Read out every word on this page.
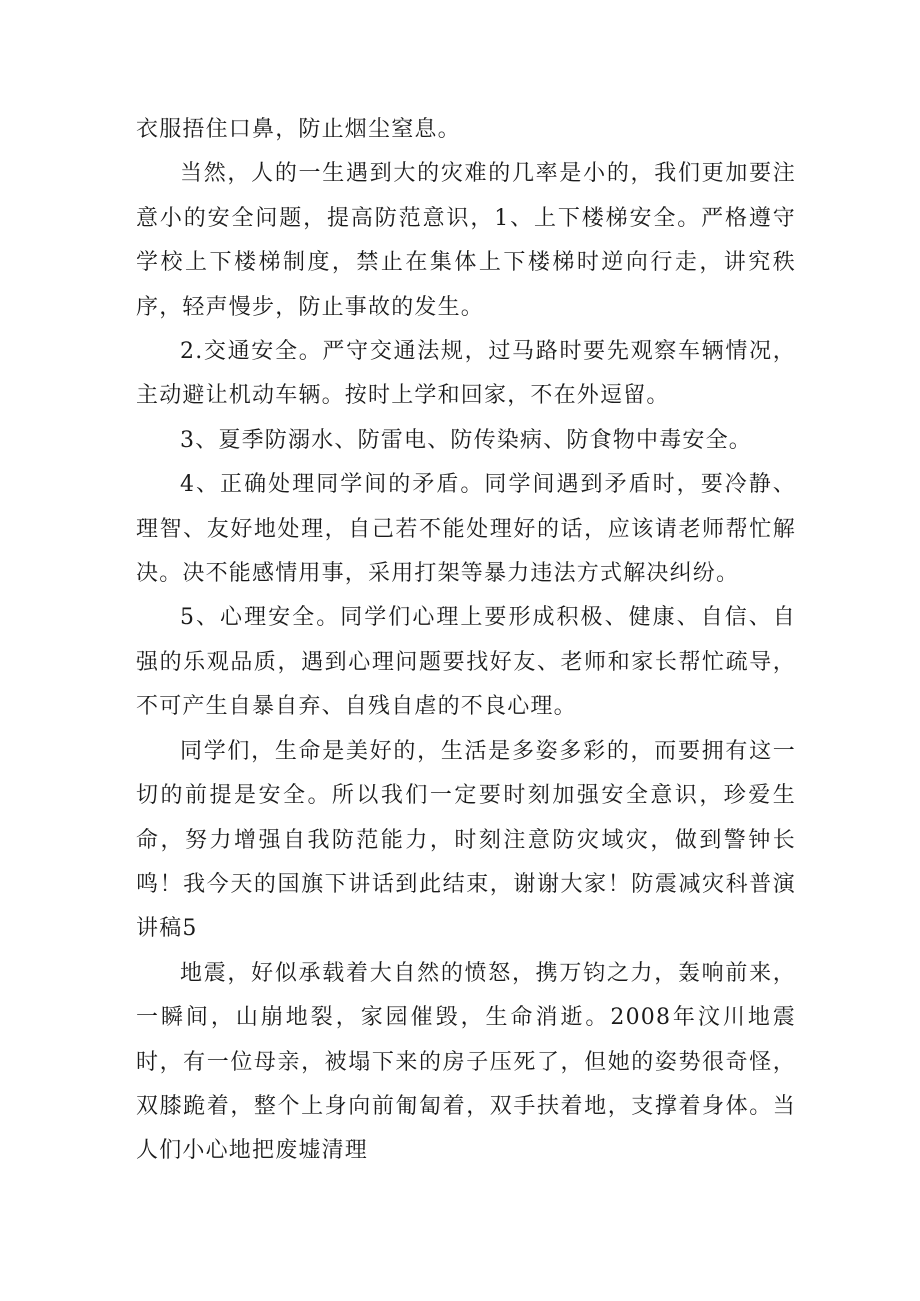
衣服捂住口鼻，防止烟尘窒息。

当然，人的一生遇到大的灾难的几率是小的，我们更加要注意小的安全问题，提高防范意识，1、上下楼梯安全。严格遵守学校上下楼梯制度，禁止在集体上下楼梯时逆向行走，讲究秩序，轻声慢步，防止事故的发生。

2.交通安全。严守交通法规，过马路时要先观察车辆情况，主动避让机动车辆。按时上学和回家，不在外逗留。

3、夏季防溺水、防雷电、防传染病、防食物中毒安全。

4、正确处理同学间的矛盾。同学间遇到矛盾时，要冷静、理智、友好地处理，自己若不能处理好的话，应该请老师帮忙解决。决不能感情用事，采用打架等暴力违法方式解决纠纷。

5、心理安全。同学们心理上要形成积极、健康、自信、自强的乐观品质，遇到心理问题要找好友、老师和家长帮忙疏导，不可产生自暴自弃、自残自虐的不良心理。

同学们，生命是美好的，生活是多姿多彩的，而要拥有这一切的前提是安全。所以我们一定要时刻加强安全意识，珍爱生命，努力增强自我防范能力，时刻注意防灾域灾，做到警钟长鸣！我今天的国旗下讲话到此结束，谢谢大家！防震减灾科普演讲稿5

地震，好似承载着大自然的愤怒，携万钧之力，轰响前来，一瞬间，山崩地裂，家园催毁，生命消逝。2008年汶川地震时，有一位母亲，被塌下来的房子压死了，但她的姿势很奇怪，双膝跪着，整个上身向前匍匐着，双手扶着地，支撑着身体。当人们小心地把废墟清理
